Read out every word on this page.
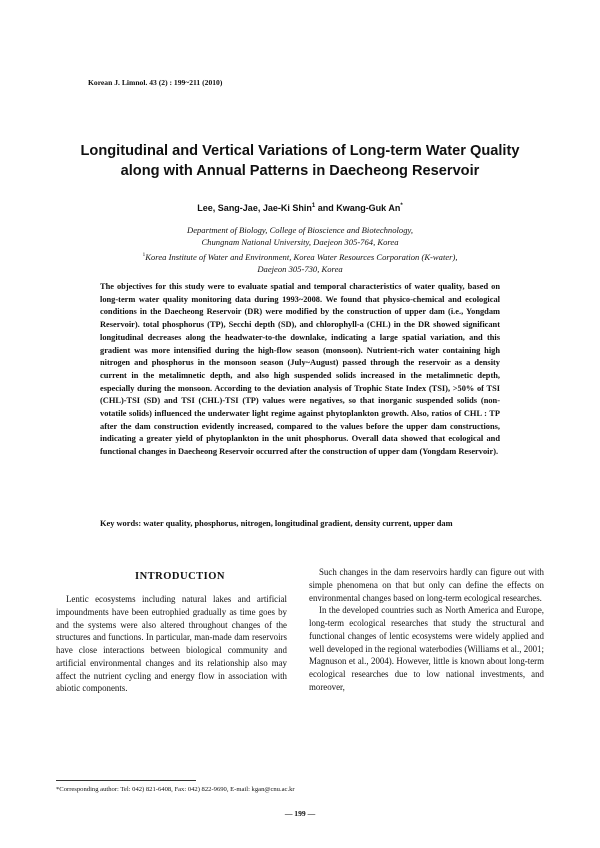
Korean J. Limnol. 43 (2) : 199~211 (2010)
Longitudinal and Vertical Variations of Long-term Water Quality
along with Annual Patterns in Daecheong Reservoir
Lee, Sang-Jae, Jae-Ki Shin$^1$ and Kwang-Guk An*
Department of Biology, College of Bioscience and Biotechnology,
Chungnam National University, Daejeon 305-764, Korea
$^1$Korea Institute of Water and Environment, Korea Water Resources Corporation (K-water),
Daejeon 305-730, Korea
The objectives for this study were to evaluate spatial and temporal characteristics of water quality, based on long-term water quality monitoring data during 1993~2008. We found that physico-chemical and ecological conditions in the Daecheong Reservoir (DR) were modified by the construction of upper dam (i.e., Yongdam Reservoir). total phosphorus (TP), Secchi depth (SD), and chlorophyll-a (CHL) in the DR showed significant longitudinal decreases along the headwater-to-the downlake, indicating a large spatial variation, and this gradient was more intensified during the high-flow season (monsoon). Nutrient-rich water containing high nitrogen and phosphorus in the monsoon season (July~August) passed through the reservoir as a density current in the metalimnetic depth, and also high suspended solids increased in the metalimnetic depth, especially during the monsoon. According to the deviation analysis of Trophic State Index (TSI), >50% of TSI (CHL)-TSI (SD) and TSI (CHL)-TSI (TP) values were negatives, so that inorganic suspended solids (non-votatile solids) influenced the underwater light regime against phytoplankton growth. Also, ratios of CHL : TP after the dam construction evidently increased, compared to the values before the upper dam constructions, indicating a greater yield of phytoplankton in the unit phosphorus. Overall data showed that ecological and functional changes in Daecheong Reservoir occurred after the construction of upper dam (Yongdam Reservoir).
Key words: water quality, phosphorus, nitrogen, longitudinal gradient, density current, upper dam
INTRODUCTION

Lentic ecosystems including natural lakes and artificial impoundments have been eutrophied gradually as time goes by and the systems were also altered throughout changes of the structures and functions. In particular, man-made dam reservoirs have close interactions between biological community and artificial environmental changes and its relationship also may affect the nutrient cycling and energy flow in association with abiotic components.

Such changes in the dam reservoirs hardly can figure out with simple phenomena on that but only can define the effects on environmental changes based on long-term ecological researches.

In the developed countries such as North America and Europe, long-term ecological researches that study the structural and functional changes of lentic ecosystems were widely applied and well developed in the regional waterbodies (Williams et al., 2001; Magnuson et al., 2004). However, little is known about long-term ecological researches due to low national investments, and moreover,

*Corresponding author: Tel: 042) 821-6408, Fax: 042) 822-9690, E-mail: kgan@cnu.ac.kr
— 199 —
